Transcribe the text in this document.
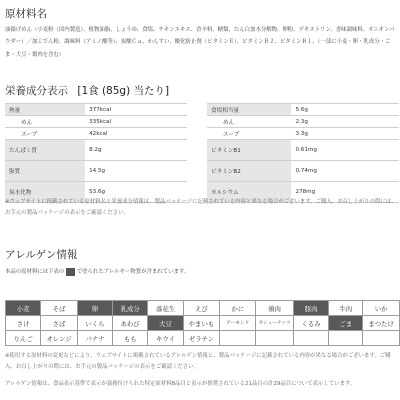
原材料名
油揚げめん（小麦粉（国内製造）、植物油脂、しょうゆ、食塩、チキンエキス、香辛料、糖類、たん白加水分解物、卵粉、デキストリン、香味調味料、オニオンパウダー）／加工でん粉、調味料（アミノ酸等）、炭酸Ｃａ、かんすい、酸化防止剤（ビタミンＥ）、ビタミンＢ２、ビタミンＢ１、（一部に小麦・卵・乳成分・ごま・大豆・鶏肉を含む）
栄養成分表示 [1食 (85g) 当たり]
熱量	377kcal
めん	335kcal
スープ	42kcal
たんぱく質	8.2g
脂質	14.5g
炭水化物	53.6g
食塩相当量	5.6g
めん	2.3g
スープ	3.3g
ビタミンB1	0.61mg
ビタミンB2	0.74mg
カルシウム	278mg
※ウェブサイトに掲載されている原材料名と栄養成分情報は、製品パッケージに記載されている内容と異なる場合がございます。ご購入、お召し上がりの際には、お手元の製品パッケージの表示をご確認ください。
アレルゲン情報
本品の原材料には下表の で塗られたアレルギー物質が含まれています。
小麦	そば	卵	乳成分	落花生	えび	かに	鶏肉	豚肉	牛肉	いか
さけ	さば	いくら	あわび	大豆	やまいも	アーモンド	カシューナッツ	くるみ	ごま	まつたけ
りんご	オレンジ	バナナ	もも	キウイ	ゼラチン					
※使用する原材料の変更などにより、ウェブサイトに掲載されているアレルゲン情報と、製品パッケージに記載されている内容が異なる場合がございます。ご購入、お召し上がりの際には、お手元の製品パッケージの表示をご確認ください。
アレルゲン情報は、食品表示基準で表示が義務付けられた特定原材料8品目と表示が推奨されている21品目の計29品目について表示しています。
